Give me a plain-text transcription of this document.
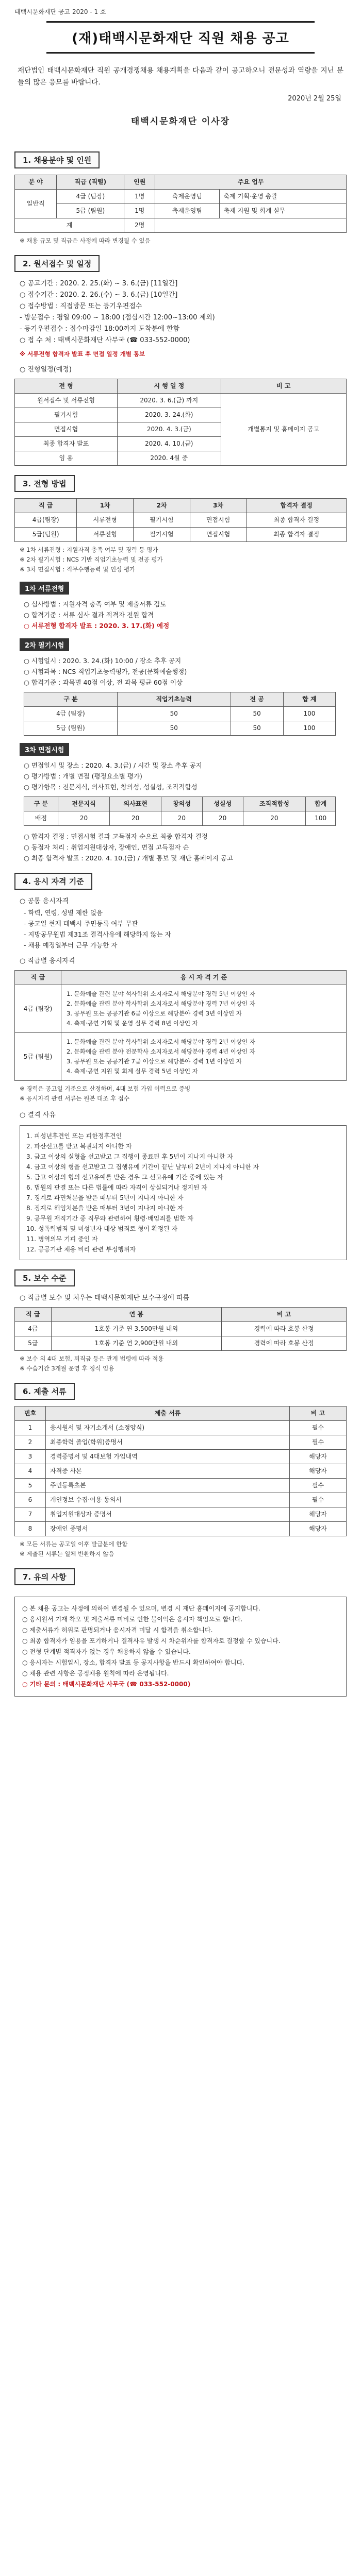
태백시문화재단 공고 2020 - 1 호
(재)태백시문화재단 직원 채용 공고

재단법인 태백시문화재단 직원 공개경쟁채용 채용계획을 다음과 같이 공고하오니 전문성과 역량을 지닌 분들의 많은 응모를 바랍니다.

2020년 2월 25일
태백시문화재단 이사장
1. 채용분야 및 인원
분 야	직급 (직렬)	인원	주요 업무	
일반직	4급 (팀장)	1명	축제운영팀	축제 기획·운영 총괄
	5급 (팀원)	1명	축제운영팀	축제 지원 및 회계 실무
계		2명		
※ 채용 규모 및 직급은 사정에 따라 변경될 수 있음
2. 원서접수 및 일정
○ 공고기간 : 2020. 2. 25.(화) ~ 3. 6.(금) [11일간]
○ 접수기간 : 2020. 2. 26.(수) ~ 3. 6.(금) [10일간]
○ 접수방법 : 직접방문 또는 등기우편접수
- 방문접수 : 평일 09:00 ~ 18:00 (점심시간 12:00~13:00 제외)
- 등기우편접수 : 접수마감일 18:00까지 도착분에 한함
○ 접 수 처 : 태백시문화재단 사무국 (☎ 033-552-0000)
※ 서류전형 합격자 발표 후 면접 일정 개별 통보
○ 전형일정(예정)
전 형	시 행 일 정	비 고
원서접수 및 서류전형	2020. 3. 6.(금) 까지	개별통지 및 홈페이지 공고
필기시험	2020. 3. 24.(화)	
면접시험	2020. 4. 3.(금)	
최종 합격자 발표	2020. 4. 10.(금)	
임 용	2020. 4월 중	
3. 전형 방법
직 급	1차	2차	3차	합격자 결정
4급(팀장)	서류전형	필기시험	면접시험	최종 합격자 결정
5급(팀원)	서류전형	필기시험	면접시험	최종 합격자 결정
※ 1차 서류전형 : 지원자격 충족 여부 및 경력 등 평가
※ 2차 필기시험 : NCS 기반 직업기초능력 및 전공 평가
※ 3차 면접시험 : 직무수행능력 및 인성 평가
1차 서류전형
○ 심사방법 : 지원자격 충족 여부 및 제출서류 검토
○ 합격기준 : 서류 심사 결과 적격자 전원 합격
○ 서류전형 합격자 발표 : 2020. 3. 17.(화) 예정
2차 필기시험
○ 시험일시 : 2020. 3. 24.(화) 10:00 / 장소 추후 공지
○ 시험과목 : NCS 직업기초능력평가, 전공(문화예술행정)
○ 합격기준 : 과목별 40점 이상, 전 과목 평균 60점 이상
구 분	직업기초능력	전 공	합 계
4급 (팀장)	50	50	100
5급 (팀원)	50	50	100
3차 면접시험
○ 면접일시 및 장소 : 2020. 4. 3.(금) / 시간 및 장소 추후 공지
○ 평가방법 : 개별 면접 (평정요소별 평가)
○ 평가항목 : 전문지식, 의사표현, 창의성, 성실성, 조직적합성
구 분	전문지식	의사표현	창의성	성실성	조직적합성	합계
배점	20	20	20	20	20	100
○ 합격자 결정 : 면접시험 결과 고득점자 순으로 최종 합격자 결정
○ 동점자 처리 : 취업지원대상자, 장애인, 면접 고득점자 순
○ 최종 합격자 발표 : 2020. 4. 10.(금) / 개별 통보 및 재단 홈페이지 공고
4. 응시 자격 기준
○ 공통 응시자격
- 학력, 연령, 성별 제한 없음
- 공고일 현재 태백시 주민등록 여부 무관
- 지방공무원법 제31조 결격사유에 해당하지 않는 자
- 채용 예정일부터 근무 가능한 자
○ 직급별 응시자격
직 급	응 시 자 격 기 준
4급 (팀장)	1. 문화예술 관련 분야 석사학위 소지자로서 해당분야 경력 5년 이상인 자
2. 문화예술 관련 분야 학사학위 소지자로서 해당분야 경력 7년 이상인 자
3. 공무원 또는 공공기관 6급 이상으로 해당분야 경력 3년 이상인 자
4. 축제·공연 기획 및 운영 실무 경력 8년 이상인 자
5급 (팀원)	1. 문화예술 관련 분야 학사학위 소지자로서 해당분야 경력 2년 이상인 자
2. 문화예술 관련 분야 전문학사 소지자로서 해당분야 경력 4년 이상인 자
3. 공무원 또는 공공기관 7급 이상으로 해당분야 경력 1년 이상인 자
4. 축제·공연 지원 및 회계 실무 경력 5년 이상인 자
※ 경력은 공고일 기준으로 산정하며, 4대 보험 가입 이력으로 증빙
※ 응시자격 관련 서류는 원본 대조 후 접수
○ 결격 사유
1. 피성년후견인 또는 피한정후견인
2. 파산선고를 받고 복권되지 아니한 자
3. 금고 이상의 실형을 선고받고 그 집행이 종료된 후 5년이 지나지 아니한 자
4. 금고 이상의 형을 선고받고 그 집행유예 기간이 끝난 날부터 2년이 지나지 아니한 자
5. 금고 이상의 형의 선고유예를 받은 경우 그 선고유예 기간 중에 있는 자
6. 법원의 판결 또는 다른 법률에 따라 자격이 상실되거나 정지된 자
7. 징계로 파면처분을 받은 때부터 5년이 지나지 아니한 자
8. 징계로 해임처분을 받은 때부터 3년이 지나지 아니한 자
9. 공무원 재직기간 중 직무와 관련하여 횡령·배임죄를 범한 자
10. 성폭력범죄 및 미성년자 대상 범죄로 형이 확정된 자
11. 병역의무 기피 중인 자
12. 공공기관 채용 비리 관련 부정행위자
5. 보수 수준
○ 직급별 보수 및 처우는 태백시문화재단 보수규정에 따름
직 급	연 봉	비 고
4급	1호봉 기준 연 3,500만원 내외	경력에 따라 호봉 산정
5급	1호봉 기준 연 2,900만원 내외	경력에 따라 호봉 산정
※ 보수 외 4대 보험, 퇴직금 등은 관계 법령에 따라 적용
※ 수습기간 3개월 운영 후 정식 임용
6. 제출 서류
번호	제출 서류	비 고
1	응시원서 및 자기소개서 (소정양식)	필수
2	최종학력 졸업(학위)증명서	필수
3	경력증명서 및 4대보험 가입내역	해당자
4	자격증 사본	해당자
5	주민등록초본	필수
6	개인정보 수집·이용 동의서	필수
7	취업지원대상자 증명서	해당자
8	장애인 증명서	해당자
※ 모든 서류는 공고일 이후 발급분에 한함
※ 제출된 서류는 일체 반환하지 않음
7. 유의 사항
○ 본 채용 공고는 사정에 의하여 변경될 수 있으며, 변경 시 재단 홈페이지에 공지합니다.
○ 응시원서 기재 착오 및 제출서류 미비로 인한 불이익은 응시자 책임으로 합니다.
○ 제출서류가 허위로 판명되거나 응시자격 미달 시 합격을 취소합니다.
○ 최종 합격자가 임용을 포기하거나 결격사유 발생 시 차순위자를 합격자로 결정할 수 있습니다.
○ 전형 단계별 적격자가 없는 경우 채용하지 않을 수 있습니다.
○ 응시자는 시험일시, 장소, 합격자 발표 등 공지사항을 반드시 확인하여야 합니다.
○ 채용 관련 사항은 공정채용 원칙에 따라 운영됩니다.
○ 기타 문의 : 태백시문화재단 사무국 (☎ 033-552-0000)
